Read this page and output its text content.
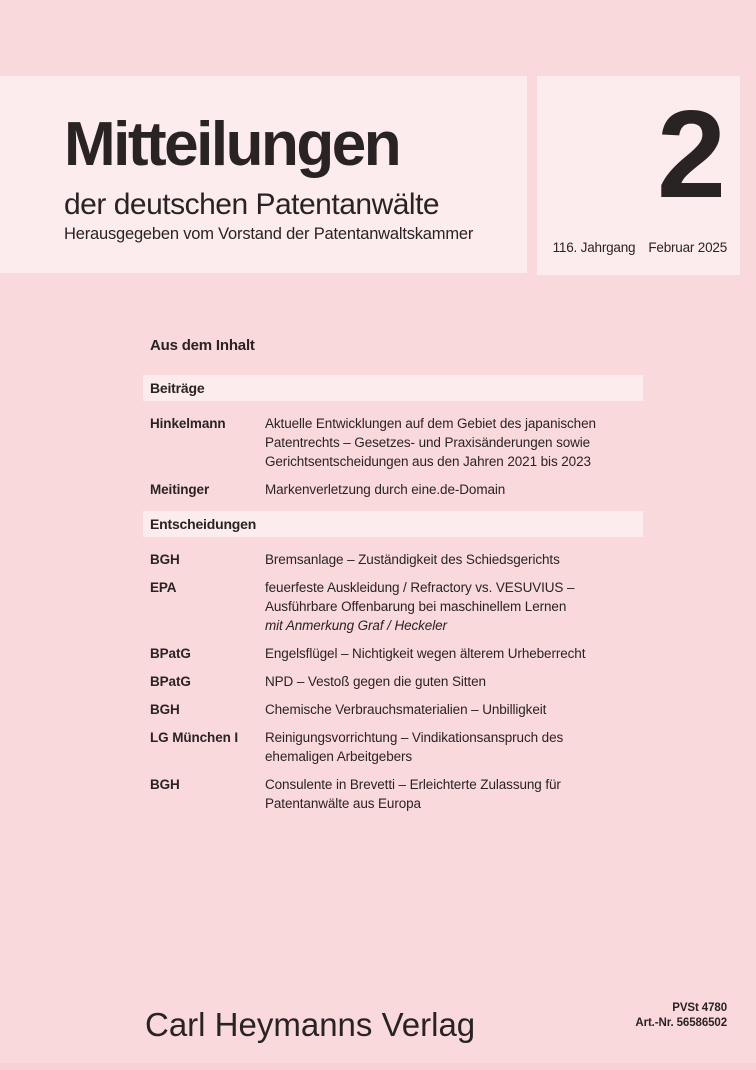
Mitteilungen
der deutschen Patentanwälte
Herausgegeben vom Vorstand der Patentanwaltskammer
2
116. Jahrgang Februar 2025
Aus dem Inhalt
Beiträge
Hinkelmann	Aktuelle Entwicklungen auf dem Gebiet des japanischen Patentrechts – Gesetzes- und Praxisänderungen sowie Gerichtsentscheidungen aus den Jahren 2021 bis 2023
Meitinger	Markenverletzung durch eine.de-Domain
Entscheidungen
BGH	Bremsanlage – Zuständigkeit des Schiedsgerichts
EPA	feuerfeste Auskleidung / Refractory vs. VESUVIUS – Ausführbare Offenbarung bei maschinellem Lernen
mit Anmerkung Graf / Heckeler
BPatG	Engelsflügel – Nichtigkeit wegen älterem Urheberrecht
BPatG	NPD – Vestoß gegen die guten Sitten
BGH	Chemische Verbrauchsmaterialien – Unbilligkeit
LG München I	Reinigungsvorrichtung – Vindikationsanspruch des ehemaligen Arbeitgebers
BGH	Consulente in Brevetti – Erleichterte Zulassung für Patentanwälte aus Europa
Carl Heymanns Verlag	PVSt 4780
Art.-Nr. 56586502
